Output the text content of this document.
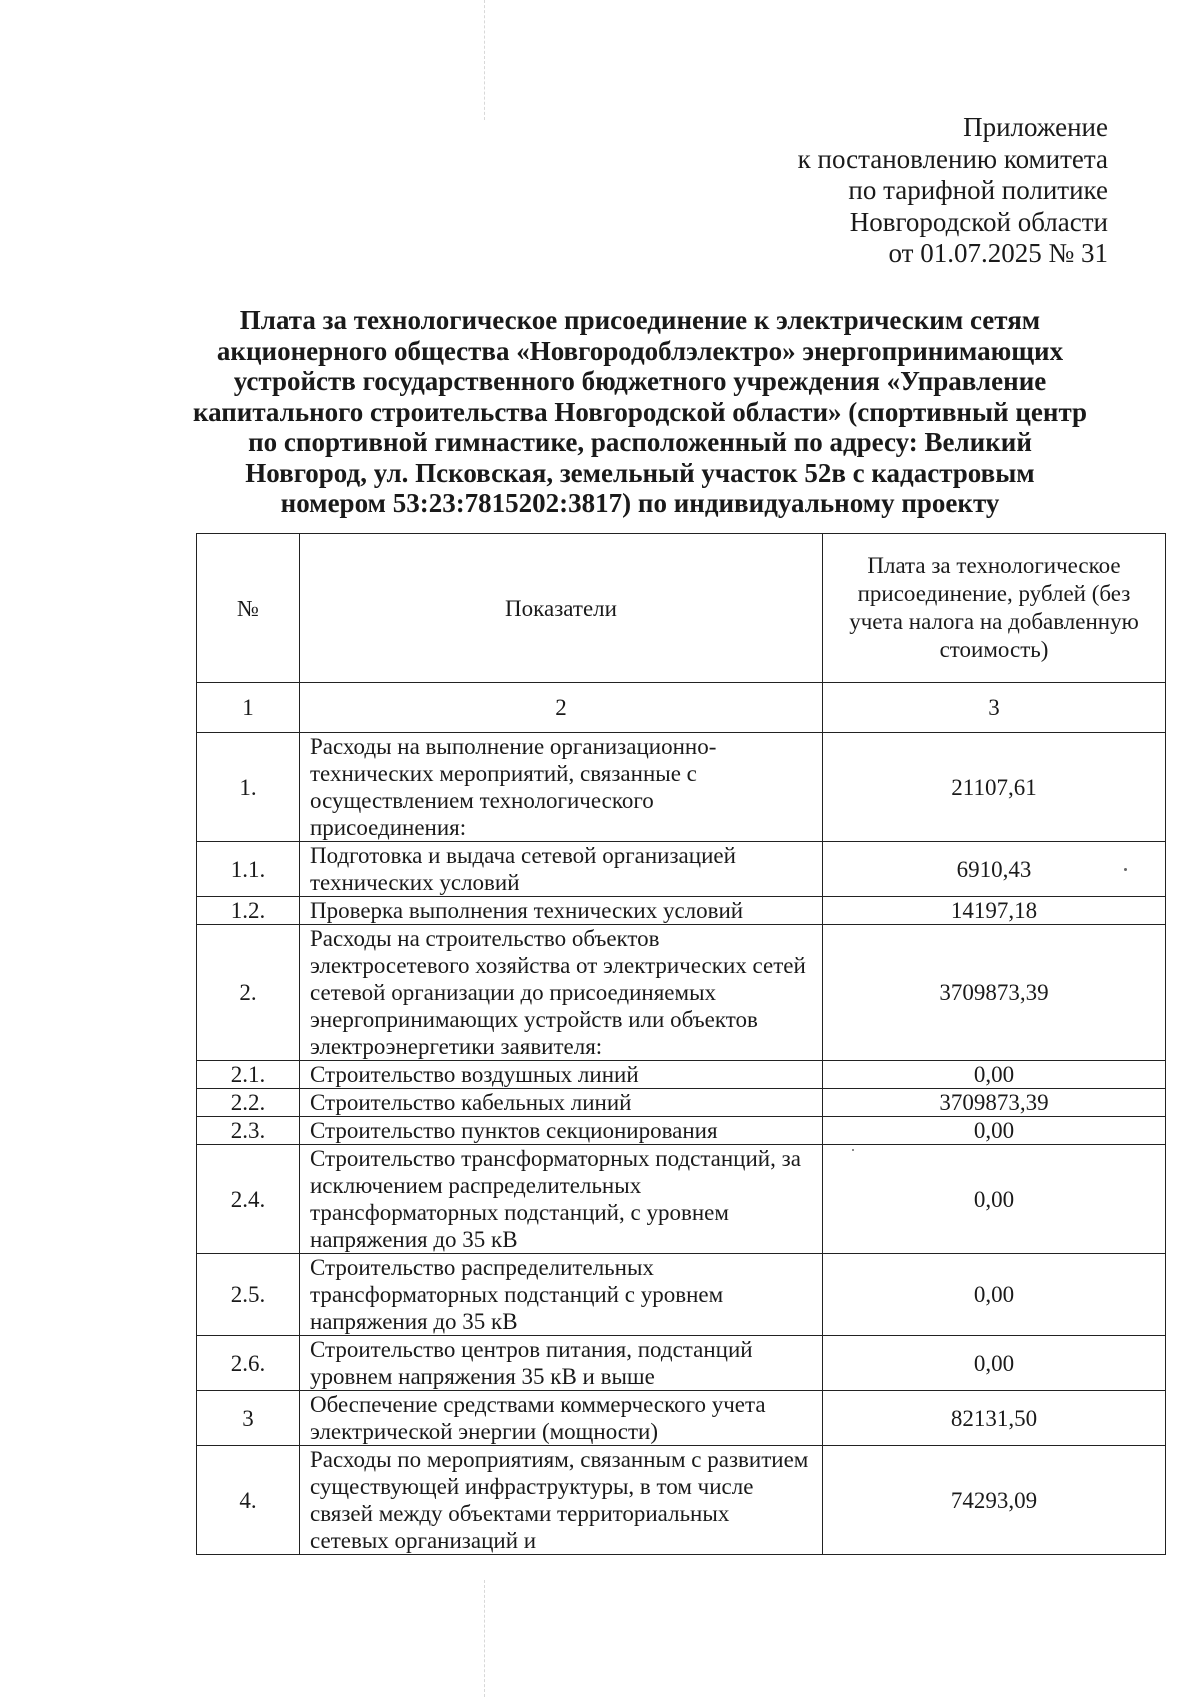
Приложение
к постановлению комитета
по тарифной политике
Новгородской области
от 01.07.2025 № 31
Плата за технологическое присоединение к электрическим сетям
акционерного общества «Новгородоблэлектро» энергопринимающих
устройств государственного бюджетного учреждения «Управление
капитального строительства Новгородской области» (спортивный центр
по спортивной гимнастике, расположенный по адресу: Великий
Новгород, ул. Псковская, земельный участок 52в с кадастровым
номером 53:23:7815202:3817) по индивидуальному проекту
№	Показатели	Плата за технологическое присоединение, рублей (без учета налога на добавленную стоимость)
1	2	3
1.	Расходы на выполнение организационно-технических мероприятий, связанные с осуществлением технологического присоединения:	21107,61
1.1.	Подготовка и выдача сетевой организацией технических условий	6910,43
1.2.	Проверка выполнения технических условий	14197,18
2.	Расходы на строительство объектов электросетевого хозяйства от электрических сетей сетевой организации до присоединяемых энергопринимающих устройств или объектов электроэнергетики заявителя:	3709873,39
2.1.	Строительство воздушных линий	0,00
2.2.	Строительство кабельных линий	3709873,39
2.3.	Строительство пунктов секционирования	0,00
2.4.	Строительство трансформаторных подстанций, за исключением распределительных трансформаторных подстанций, с уровнем напряжения до 35 кВ	0,00
2.5.	Строительство распределительных трансформаторных подстанций с уровнем напряжения до 35 кВ	0,00
2.6.	Строительство центров питания, подстанций уровнем напряжения 35 кВ и выше	0,00
3	Обеспечение средствами коммерческого учета электрической энергии (мощности)	82131,50
4.	Расходы по мероприятиям, связанным с развитием существующей инфраструктуры, в том числе связей между объектами территориальных сетевых организаций и	74293,09
